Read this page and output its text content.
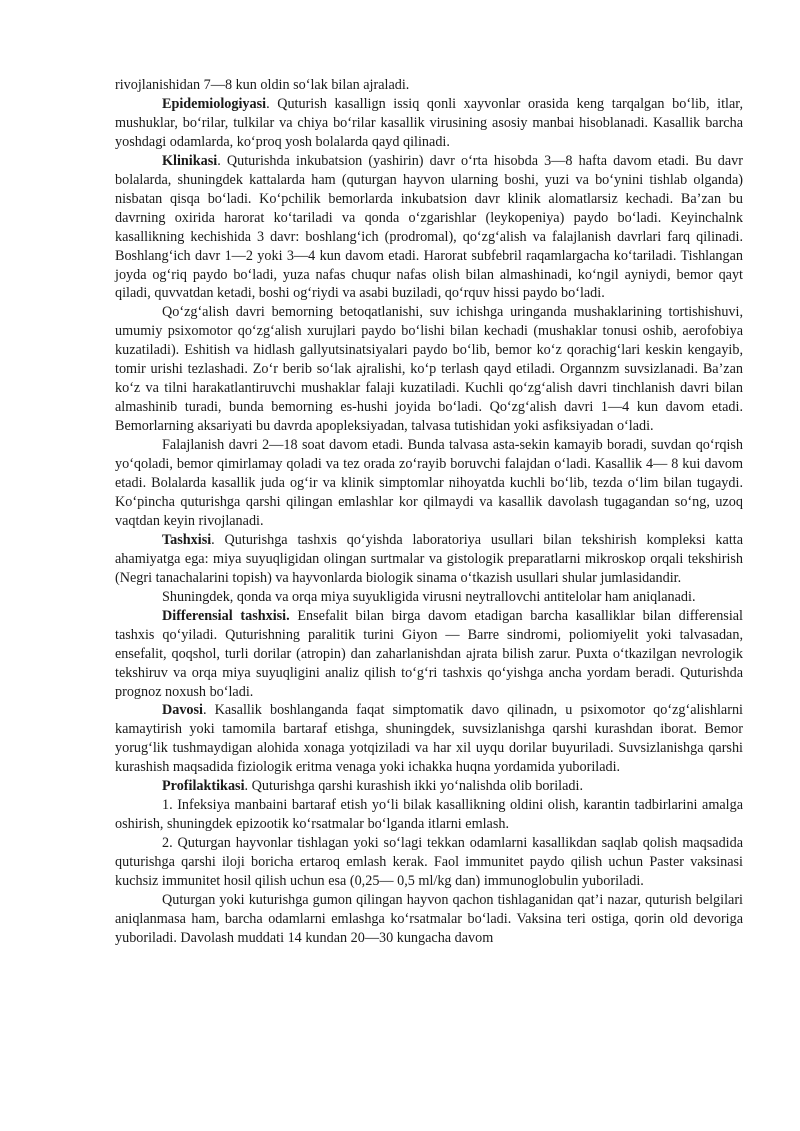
rivojlanishidan 7—8 kun oldin so‘lak bilan ajraladi.

Epidemiologiyasi. Quturish kasallign issiq qonli xayvonlar orasida keng tarqalgan bo‘lib, itlar, mushuklar, bo‘rilar, tulkilar va chiya bo‘rilar kasallik virusining asosiy manbai hisoblanadi. Kasallik barcha yoshdagi odamlarda, ko‘proq yosh bolalarda qayd qilinadi.

Klinikasi. Quturishda inkubatsion (yashirin) davr o‘rta hisobda 3—8 hafta davom etadi. Bu davr bolalarda, shuningdek kattalarda ham (quturgan hayvon ularning boshi, yuzi va bo‘ynini tishlab olganda) nisbatan qisqa bo‘ladi. Ko‘pchilik bemorlarda inkubatsion davr klinik alomatlarsiz kechadi. Ba’zan bu davrning oxirida harorat ko‘tariladi va qonda o‘zgarishlar (leykopeniya) paydo bo‘ladi. Keyinchalnk kasallikning kechishida 3 davr: boshlang‘ich (prodromal), qo‘zg‘alish va falajlanish davrlari farq qilinadi. Boshlang‘ich davr 1—2 yoki 3—4 kun davom etadi. Harorat subfebril raqamlargacha ko‘tariladi. Tishlangan joyda og‘riq paydo bo‘ladi, yuza nafas chuqur nafas olish bilan almashinadi, ko‘ngil ayniydi, bemor qayt qiladi, quvvatdan ketadi, boshi og‘riydi va asabi buziladi, qo‘rquv hissi paydo bo‘ladi.

Qo‘zg‘alish davri bemorning betoqatlanishi, suv ichishga uringanda mushaklarining tortishishuvi, umumiy psixomotor qo‘zg‘alish xurujlari paydo bo‘lishi bilan kechadi (mushaklar tonusi oshib, aerofobiya kuzatiladi). Eshitish va hidlash gallyutsinatsiyalari paydo bo‘lib, bemor ko‘z qorachig‘lari keskin kengayib, tomir urishi tezlashadi. Zo‘r berib so‘lak ajralishi, ko‘p terlash qayd etiladi. Organnzm suvsizlanadi. Ba’zan ko‘z va tilni harakatlantiruvchi mushaklar falaji kuzatiladi. Kuchli qo‘zg‘alish davri tinchlanish davri bilan almashinib turadi, bunda bemorning es-hushi joyida bo‘ladi. Qo‘zg‘alish davri 1—4 kun davom etadi. Bemorlarning aksariyati bu davrda apopleksiyadan, talvasa tutishidan yoki asfiksiyadan o‘ladi.

Falajlanish davri 2—18 soat davom etadi. Bunda talvasa asta-sekin kamayib boradi, suvdan qo‘rqish yo‘qoladi, bemor qimirlamay qoladi va tez orada zo‘rayib boruvchi falajdan o‘ladi. Kasallik 4— 8 kui davom etadi. Bolalarda kasallik juda og‘ir va klinik simptomlar nihoyatda kuchli bo‘lib, tezda o‘lim bilan tugaydi. Ko‘pincha quturishga qarshi qilingan emlashlar kor qilmaydi va kasallik davolash tugagandan so‘ng, uzoq vaqtdan keyin rivojlanadi.

Tashxisi. Quturishga tashxis qo‘yishda laboratoriya usullari bilan tekshirish kompleksi katta ahamiyatga ega: miya suyuqligidan olingan surtmalar va gistologik preparatlarni mikroskop orqali tekshirish (Negri tanachalarini topish) va hayvonlarda biologik sinama o‘tkazish usullari shular jumlasidandir.

Shuningdek, qonda va orqa miya suyukligida virusni neytrallovchi antitelolar ham aniqlanadi.

Differensial tashxisi. Ensefalit bilan birga davom etadigan barcha kasalliklar bilan differensial tashxis qo‘yiladi. Quturishning paralitik turini Giyon — Barre sindromi, poliomiyelit yoki talvasadan, ensefalit, qoqshol, turli dorilar (atropin) dan zaharlanishdan ajrata bilish zarur. Puxta o‘tkazilgan nevrologik tekshiruv va orqa miya suyuqligini analiz qilish to‘g‘ri tashxis qo‘yishga ancha yordam beradi. Quturishda prognoz noxush bo‘ladi.

Davosi. Kasallik boshlanganda faqat simptomatik davo qilinadn, u psixomotor qo‘zg‘alishlarni kamaytirish yoki tamomila bartaraf etishga, shuningdek, suvsizlanishga qarshi kurashdan iborat. Bemor yorug‘lik tushmaydigan alohida xonaga yotqiziladi va har xil uyqu dorilar buyuriladi. Suvsizlanishga qarshi kurashish maqsadida fiziologik eritma venaga yoki ichakka huqna yordamida yuboriladi.

Profilaktikasi. Quturishga qarshi kurashish ikki yo‘nalishda olib boriladi.

1. Infeksiya manbaini bartaraf etish yo‘li bilak kasallikning oldini olish, karantin tadbirlarini amalga oshirish, shuningdek epizootik ko‘rsatmalar bo‘lganda itlarni emlash.

2. Quturgan hayvonlar tishlagan yoki so‘lagi tekkan odamlarni kasallikdan saqlab qolish maqsadida quturishga qarshi iloji boricha ertaroq emlash kerak. Faol immunitet paydo qilish uchun Paster vaksinasi kuchsiz immunitet hosil qilish uchun esa (0,25— 0,5 ml/kg dan) immunoglobulin yuboriladi.

Quturgan yoki kuturishga gumon qilingan hayvon qachon tishlaganidan qat’i nazar, quturish belgilari aniqlanmasa ham, barcha odamlarni emlashga ko‘rsatmalar bo‘ladi. Vaksina teri ostiga, qorin old devoriga yuboriladi. Davolash muddati 14 kundan 20—30 kungacha davom
